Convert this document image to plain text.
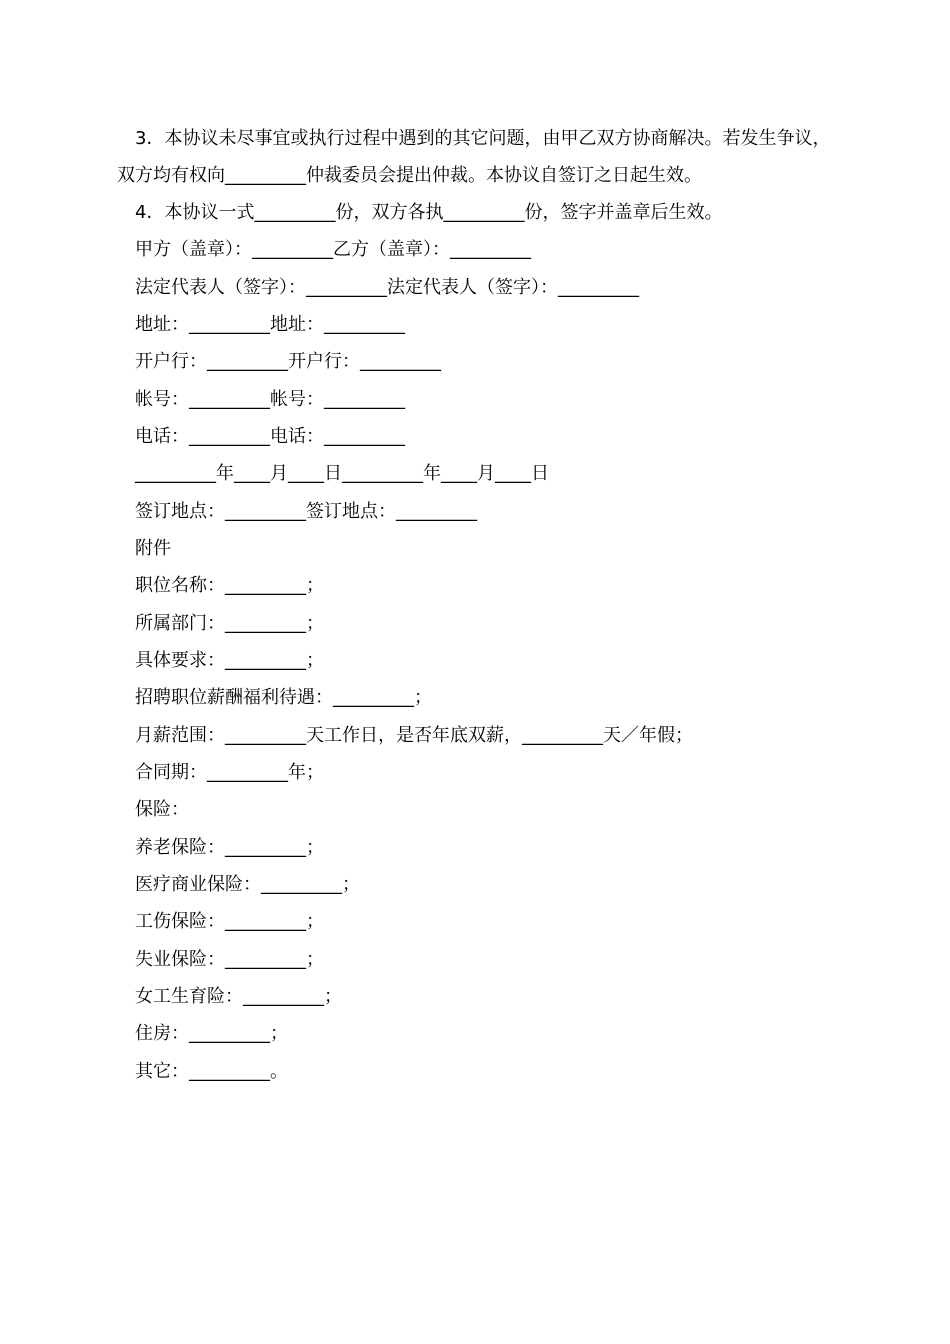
3．本协议未尽事宜或执行过程中遇到的其它问题，由甲乙双方协商解决。若发生争议，双方均有权向_________仲裁委员会提出仲裁。本协议自签订之日起生效。

4．本协议一式_________份，双方各执_________份，签字并盖章后生效。

甲方（盖章）：_________乙方（盖章）：_________

法定代表人（签字）：_________法定代表人（签字）：_________

地址：_________地址：_________

开户行：_________开户行：_________

帐号：_________帐号：_________

电话：_________电话：_________

_________年____月____日_________年____月____日

签订地点：_________签订地点：_________

附件

职位名称：_________；

所属部门：_________；

具体要求：_________；

招聘职位薪酬福利待遇：_________；

月薪范围：_________天工作日，是否年底双薪，_________天／年假；

合同期：_________年；

保险：

养老保险：_________；

医疗商业保险：_________；

工伤保险：_________；

失业保险：_________；

女工生育险：_________；

住房：_________；

其它：_________。
